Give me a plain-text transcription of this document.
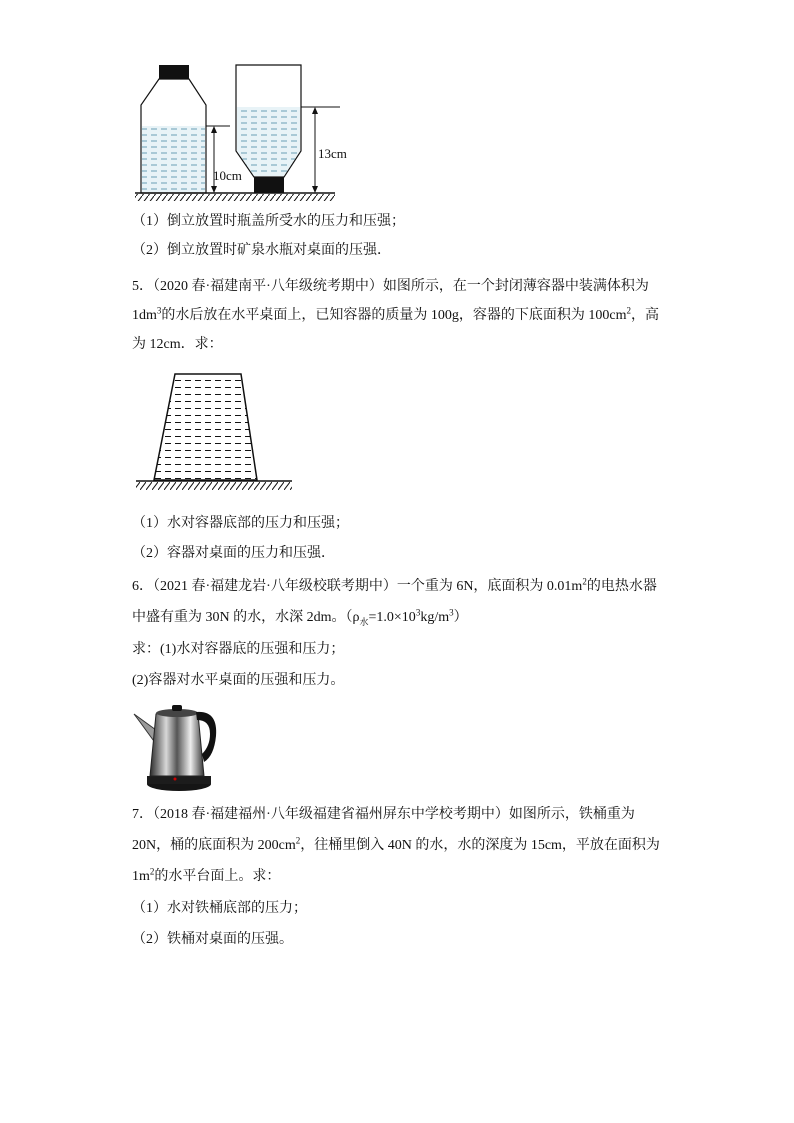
10cm
13cm
（1）倒立放置时瓶盖所受水的压力和压强；
（2）倒立放置时矿泉水瓶对桌面的压强．
5．（2020 春·福建南平·八年级统考期中）如图所示，在一个封闭薄容器中装满体积为
$1dm^3$的水后放在水平桌面上，已知容器的质量为 100g，容器的下底面积为 $100cm^2$，高
为 12cm．求：
（1）水对容器底部的压力和压强；
（2）容器对桌面的压力和压强．
6．（2021 春·福建龙岩·八年级校联考期中）一个重为 6N，底面积为 $0.01m^2$的电热水器
中盛有重为 30N 的水，水深 2dm。$(\rho_水=1.0\times 10^3kg/m^3)$
求：(1)水对容器底的压强和压力；
(2)容器对水平桌面的压强和压力。
7．（2018 春·福建福州·八年级福建省福州屏东中学校考期中）如图所示，铁桶重为
20N，桶的底面积为 $200cm^2$，往桶里倒入 40N 的水，水的深度为 15cm，平放在面积为
$1m^2$的水平台面上。求：
（1）水对铁桶底部的压力；
（2）铁桶对桌面的压强。
